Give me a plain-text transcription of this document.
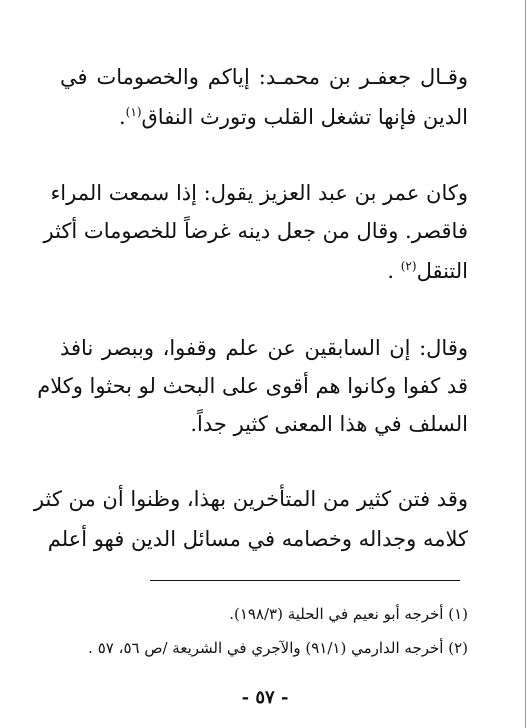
وقـال جعفـر بن محمـد: إياكم والخصومات في
الدين فإنها تشغل القلب وتورث النفاق$^{(١)}$.
وكان عمر بن عبد العزيز يقول: إذا سمعت المراء
فاقصر. وقال من جعل دينه غرضاً للخصومات أكثر
التنقل$^{(٢)}$ .
وقال: إن السابقين عن علم وقفوا، وببصر نافذ
قد كفوا وكانوا هم أقوى على البحث لو بحثوا وكلام
السلف في هذا المعنى كثير جداً.
وقد فتن كثير من المتأخرين بهذا، وظنوا أن من كثر
كلامه وجداله وخصامه في مسائل الدين فهو أعلم
(١) أخرجه أبو نعيم في الحلية (١٩٨/٣).
(٢) أخرجه الدارمي (٩١/١) والآجري في الشريعة /ص ٥٦، ٥٧ .
- ٥٧ -
